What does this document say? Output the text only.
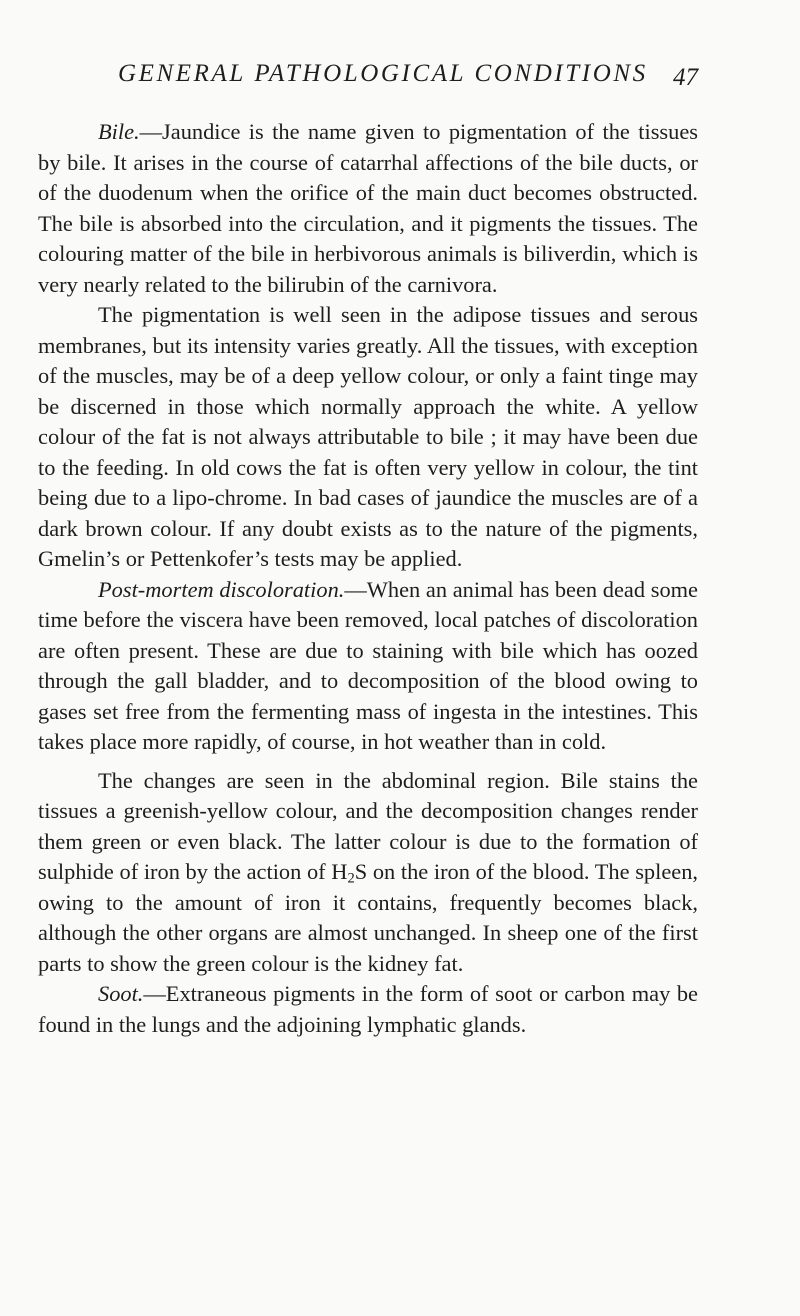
GENERAL PATHOLOGICAL CONDITIONS 47

Bile.—Jaundice is the name given to pigmentation of the tissues by bile. It arises in the course of catarrhal affections of the bile ducts, or of the duodenum when the orifice of the main duct becomes obstructed. The bile is absorbed into the circulation, and it pigments the tissues. The colouring matter of the bile in herbivorous animals is biliverdin, which is very nearly related to the bilirubin of the carnivora.

The pigmentation is well seen in the adipose tissues and serous membranes, but its intensity varies greatly. All the tissues, with exception of the muscles, may be of a deep yellow colour, or only a faint tinge may be discerned in those which normally approach the white. A yellow colour of the fat is not always attributable to bile ; it may have been due to the feeding. In old cows the fat is often very yellow in colour, the tint being due to a lipo-chrome. In bad cases of jaundice the muscles are of a dark brown colour. If any doubt exists as to the nature of the pigments, Gmelin’s or Pettenkofer’s tests may be applied.

Post-mortem discoloration.—When an animal has been dead some time before the viscera have been removed, local patches of discoloration are often present. These are due to staining with bile which has oozed through the gall bladder, and to decomposition of the blood owing to gases set free from the fermenting mass of ingesta in the intestines. This takes place more rapidly, of course, in hot weather than in cold.

The changes are seen in the abdominal region. Bile stains the tissues a greenish-yellow colour, and the decomposition changes render them green or even black. The latter colour is due to the formation of sulphide of iron by the action of $H_2S$ on the iron of the blood. The spleen, owing to the amount of iron it contains, frequently becomes black, although the other organs are almost unchanged. In sheep one of the first parts to show the green colour is the kidney fat.

Soot.—Extraneous pigments in the form of soot or carbon may be found in the lungs and the adjoining lymphatic glands.
